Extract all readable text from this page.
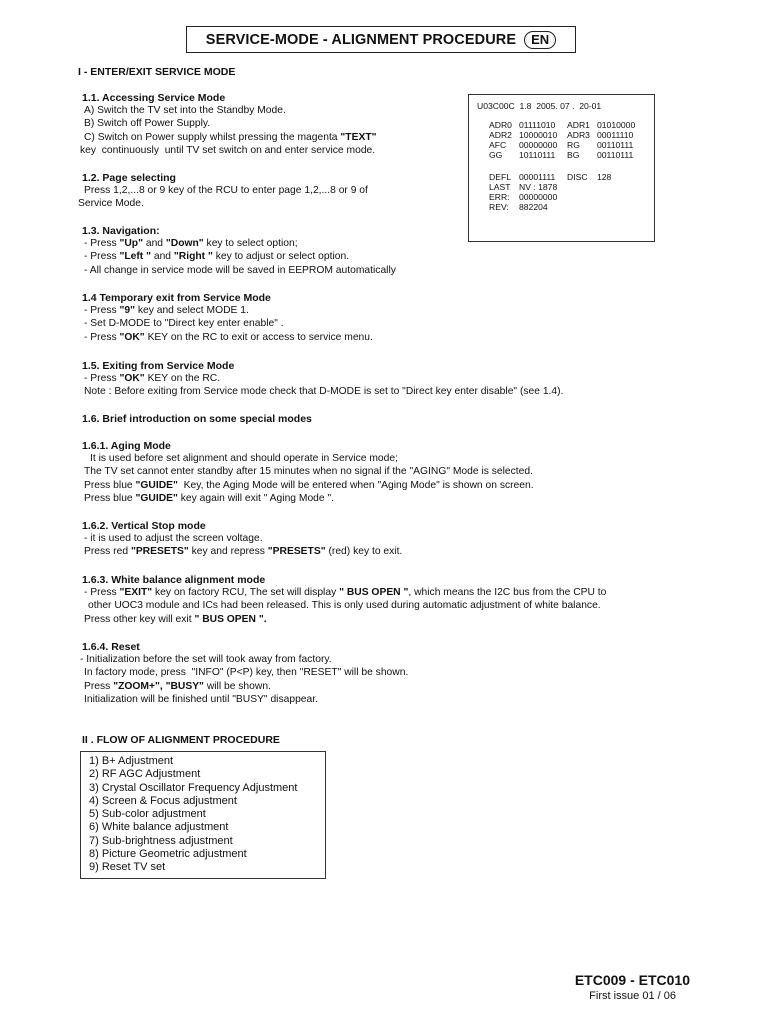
SERVICE-MODE - ALIGNMENT PROCEDURE	EN
I - ENTER/EXIT SERVICE MODE
1.1. Accessing Service Mode
A) Switch the TV set into the Standby Mode.
B) Switch off Power Supply.
C) Switch on Power supply whilst pressing the magenta "TEXT"
key  continuously  until TV set switch on and enter service mode.
1.2. Page selecting
Press 1,2,...8 or 9 key of the RCU to enter page 1,2,...8 or 9 of
Service Mode.
1.3. Navigation:
- Press "Up" and "Down" key to select option;
- Press "Left " and "Right " key to adjust or select option.
- All change in service mode will be saved in EEPROM automatically
1.4 Temporary exit from Service Mode
- Press "9" key and select MODE 1.
- Set D-MODE to "Direct key enter enable" .
- Press "OK" KEY on the RC to exit or access to service menu.
1.5. Exiting from Service Mode
- Press "OK" KEY on the RC.
Note : Before exiting from Service mode check that D-MODE is set to "Direct key enter disable" (see 1.4).
1.6. Brief introduction on some special modes
1.6.1. Aging Mode
It is used before set alignment and should operate in Service mode;
The TV set cannot enter standby after 15 minutes when no signal if the "AGING" Mode is selected.
Press blue "GUIDE"  Key, the Aging Mode will be entered when "Aging Mode" is shown on screen.
Press blue "GUIDE" key again will exit " Aging Mode ".
1.6.2. Vertical Stop mode
- it is used to adjust the screen voltage.
Press red "PRESETS" key and repress "PRESETS" (red) key to exit.
1.6.3. White balance alignment mode
- Press "EXIT" key on factory RCU, The set will display " BUS OPEN ", which means the I2C bus from the CPU to
other UOC3 module and ICs had been released. This is only used during automatic adjustment of white balance.
Press other key will exit " BUS OPEN ".
1.6.4. Reset
- Initialization before the set will took away from factory.
In factory mode, press  "INFO" (P<P) key, then "RESET" will be shown.
Press "ZOOM+", "BUSY" will be shown.
Initialization will be finished until "BUSY" disappear.
U03C00C  1.8  2005. 07 .  20-01
ADR0 01111010 ADR1 01010000
ADR2 10000010 ADR3 00011110
AFC 00000000 RG 00110111
GG 10110111 BG 00110111
DEFL 00001111 DISC 128
LAST NV : 1878
ERR: 00000000
REV: 882204
II . FLOW OF ALIGNMENT PROCEDURE
1) B+ Adjustment
2) RF AGC Adjustment
3) Crystal Oscillator Frequency Adjustment
4) Screen & Focus adjustment
5) Sub-color adjustment
6) White balance adjustment
7) Sub-brightness adjustment
8) Picture Geometric adjustment
9) Reset TV set
ETC009 - ETC010
First issue 01 / 06
